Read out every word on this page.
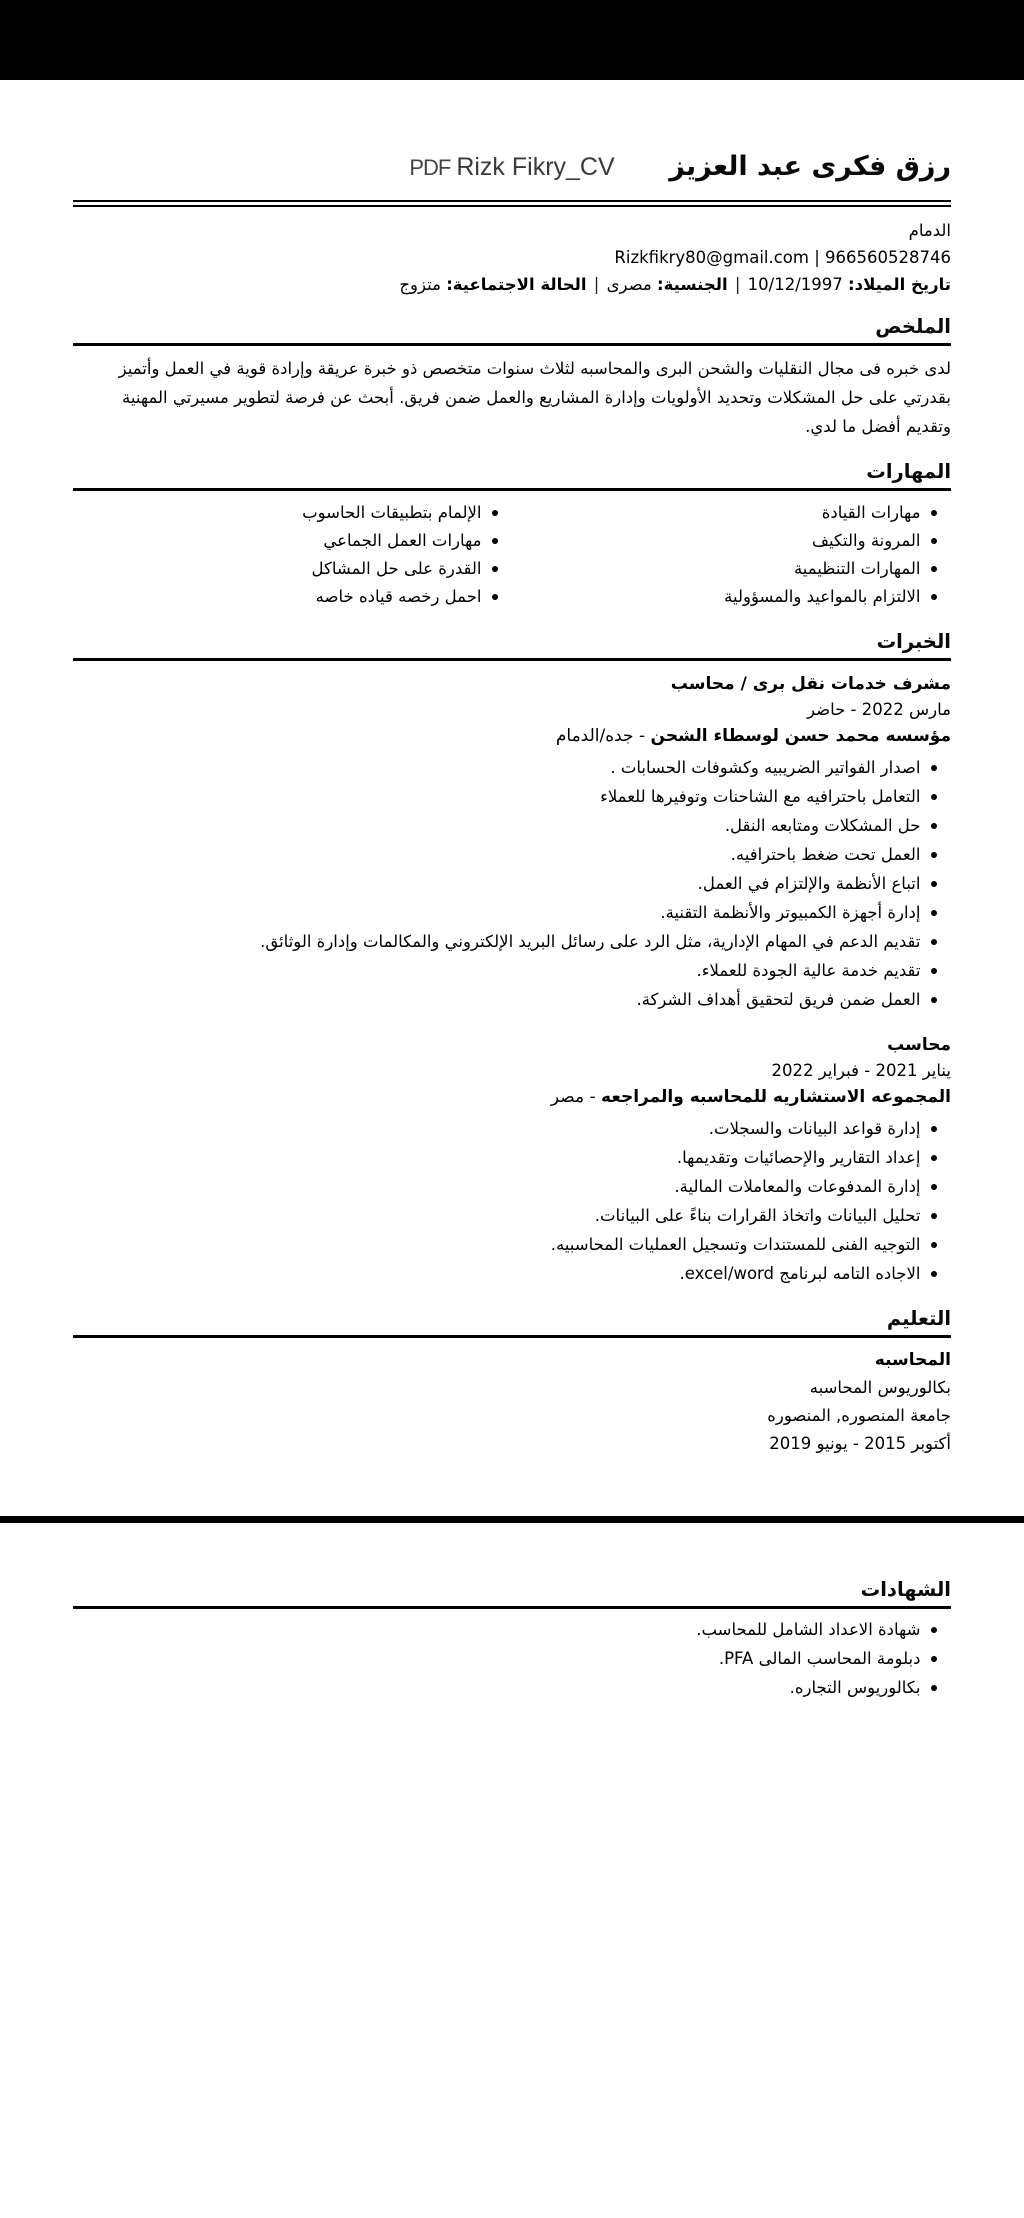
PDF Rizk Fikry_CV	رزق فكرى عبد العزيز
الدمام
Rizkfikry80@gmail.com | 966560528746
تاريخ الميلاد: 10/12/1997 | الجنسية: مصرى | الحالة الاجتماعية: متزوج
الملخص

لدى خبره فى مجال النقليات والشحن البرى والمحاسبه لثلاث سنوات متخصص ذو خبرة عريقة وإرادة قوية في العمل وأتميز بقدرتي على حل المشكلات وتحديد الأولويات وإدارة المشاريع والعمل ضمن فريق. أبحث عن فرصة لتطوير مسيرتي المهنية وتقديم أفضل ما لدي.

المهارات
مهارات القيادة
المرونة والتكيف
المهارات التنظيمية
الالتزام بالمواعيد والمسؤولية
الإلمام بتطبيقات الحاسوب
مهارات العمل الجماعي
القدرة على حل المشاكل
احمل رخصه قياده خاصه
الخبرات
مشرف خدمات نقل برى / محاسب
مارس 2022 - حاضر
مؤسسه محمد حسن لوسطاء الشحن - جده/الدمام
اصدار الفواتير الضريبيه وكشوفات الحسابات .
التعامل باحترافيه مع الشاحنات وتوفيرها للعملاء
حل المشكلات ومتابعه النقل.
العمل تحت ضغط باحترافيه.
اتباع الأنظمة والإلتزام في العمل.
إدارة أجهزة الكمبيوتر والأنظمة التقنية.
تقديم الدعم في المهام الإدارية، مثل الرد على رسائل البريد الإلكتروني والمكالمات وإدارة الوثائق.
تقديم خدمة عالية الجودة للعملاء.
العمل ضمن فريق لتحقيق أهداف الشركة.
محاسب
يناير 2021 - فبراير 2022
المجموعه الاستشاريه للمحاسبه والمراجعه - مصر
إدارة قواعد البيانات والسجلات.
إعداد التقارير والإحصائيات وتقديمها.
إدارة المدفوعات والمعاملات المالية.
تحليل البيانات واتخاذ القرارات بناءً على البيانات.
التوجيه الفنى للمستندات وتسجيل العمليات المحاسبيه.
الاجاده التامه لبرنامج excel/word.
التعليم
المحاسبه
بكالوريوس المحاسبه
جامعة المنصوره, المنصوره
أكتوبر 2015 - يونيو 2019
الشهادات
شهادة الاعداد الشامل للمحاسب.
دبلومة المحاسب المالى PFA.
بكالوريوس التجاره.
